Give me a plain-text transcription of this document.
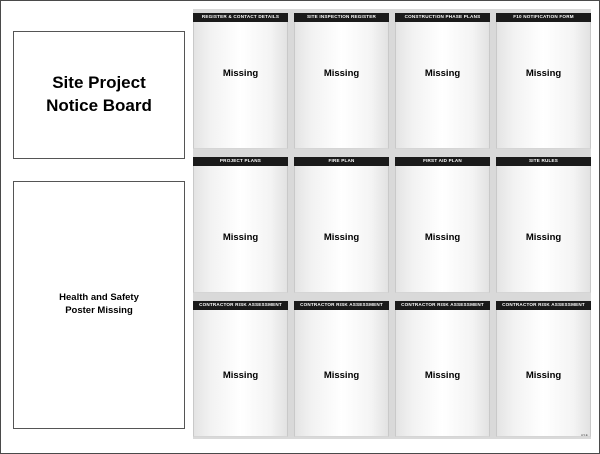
Site Project
Notice Board
Health and Safety
Poster Missing
REGISTER & CONTACT DETAILS
Missing
SITE INSPECTION REGISTER
Missing
CONSTRUCTION PHASE PLANS
Missing
F10 NOTIFICATION FORM
Missing
PROJECT PLANS
Missing
FIRE PLAN
Missing
FIRST AID PLAN
Missing
SITE RULES
Missing
CONTRACTOR RISK ASSESSMENT
Missing
CONTRACTOR RISK ASSESSMENT
Missing
CONTRACTOR RISK ASSESSMENT
Missing
CONTRACTOR RISK ASSESSMENT
Missing
HSE
